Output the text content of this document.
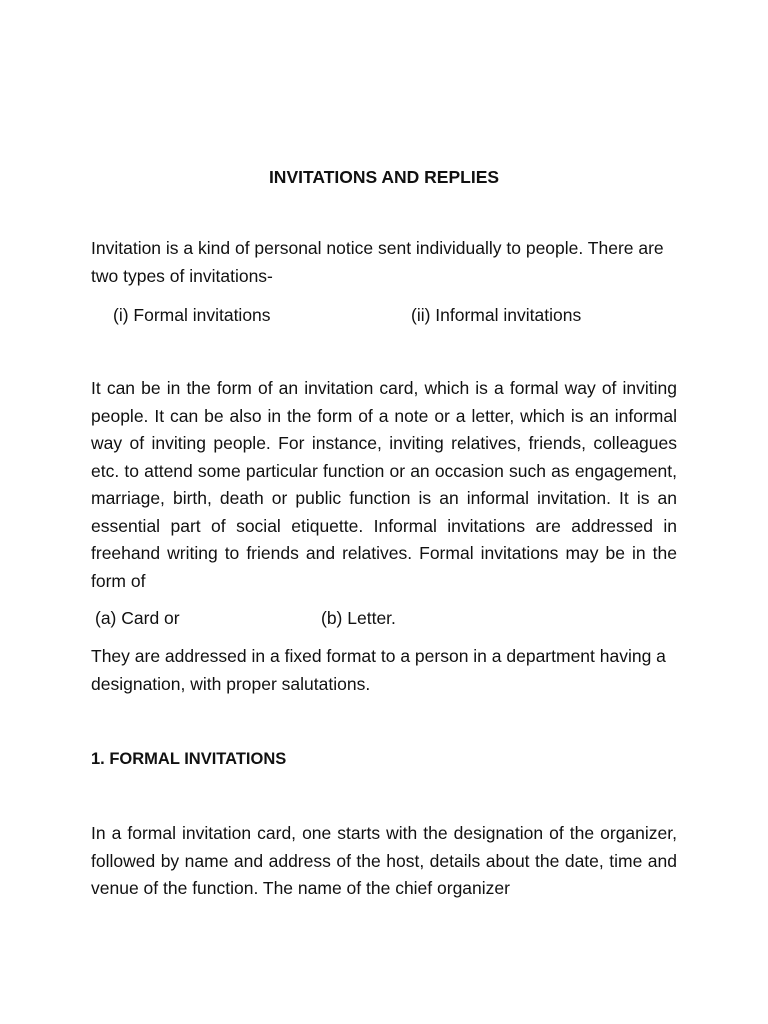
INVITATIONS AND REPLIES

Invitation is a kind of personal notice sent individually to people. There are two types of invitations-

(i) Formal invitations	(ii) Informal invitations

It can be in the form of an invitation card, which is a formal way of inviting people. It can be also in the form of a note or a letter, which is an informal way of inviting people. For instance, inviting relatives, friends, colleagues etc. to attend some particular function or an occasion such as engagement, marriage, birth, death or public function is an informal invitation. It is an essential part of social etiquette. Informal invitations are addressed in freehand writing to friends and relatives. Formal invitations may be in the form of

(a) Card or	(b) Letter.

They are addressed in a fixed format to a person in a department having a designation, with proper salutations.

1. FORMAL INVITATIONS

In a formal invitation card, one starts with the designation of the organizer, followed by name and address of the host, details about the date, time and venue of the function. The name of the chief organizer
